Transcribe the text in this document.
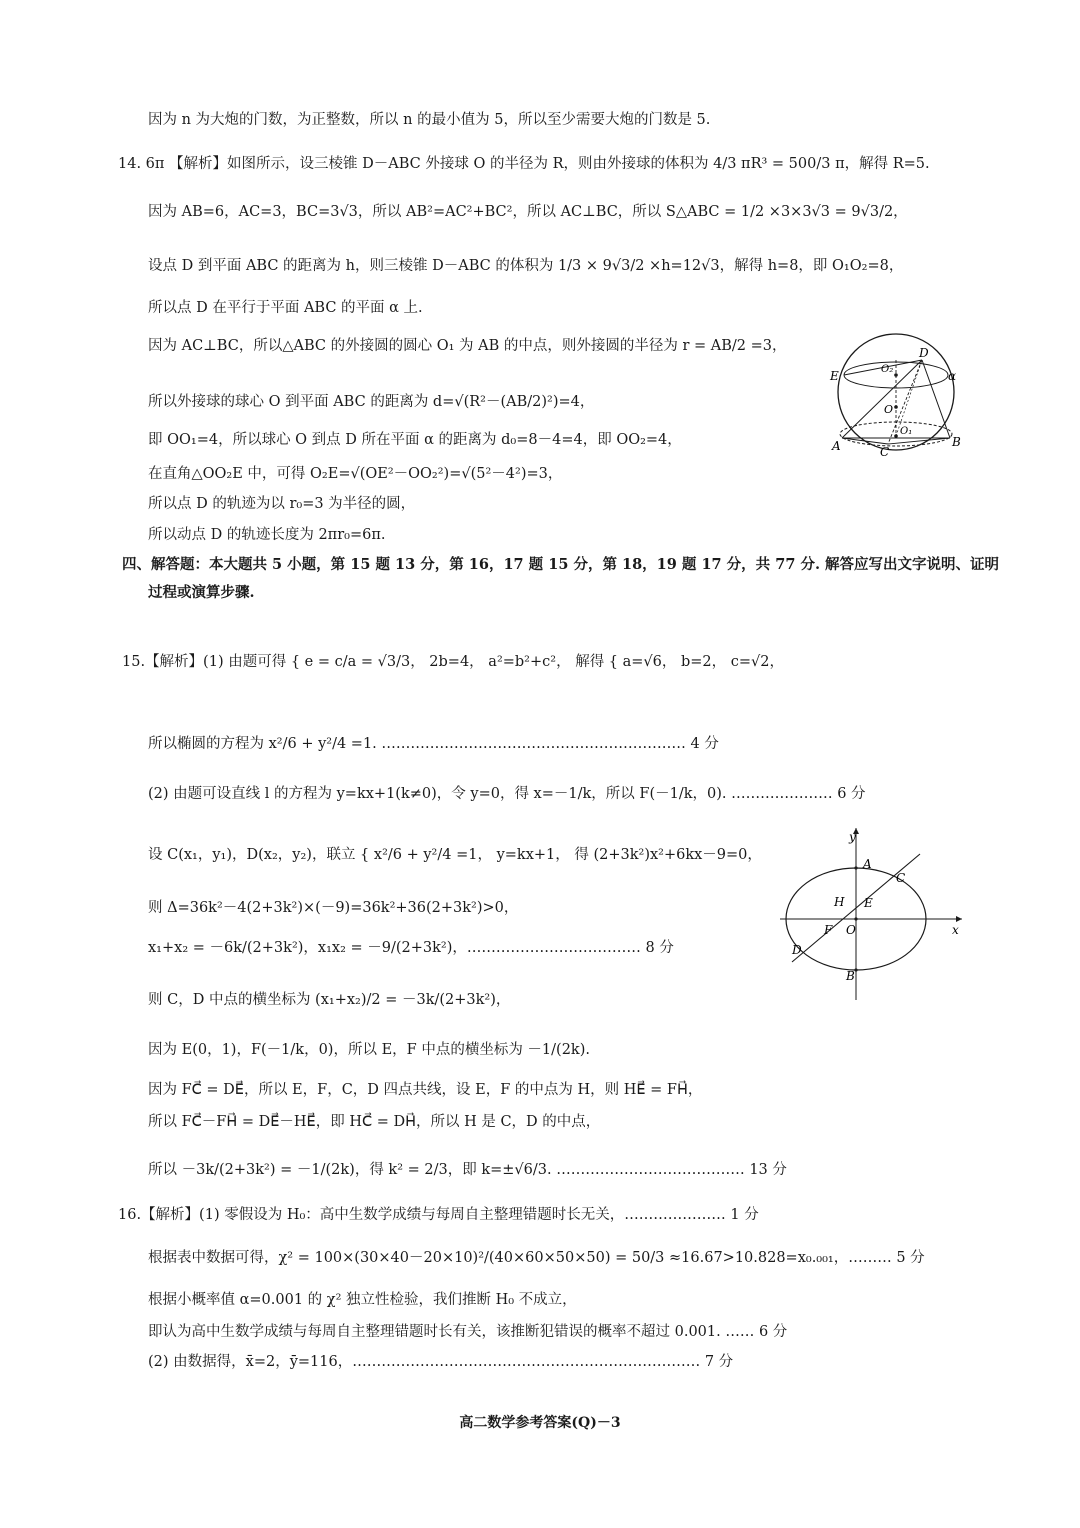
因为 n 为大炮的门数，为正整数，所以 n 的最小值为 5，所以至少需要大炮的门数是 5.
14. 6π 【解析】如图所示，设三棱锥 D－ABC 外接球 O 的半径为 R，则由外接球的体积为 4/3 πR³ = 500/3 π，解得 R=5.
因为 AB=6，AC=3，BC=3√3，所以 AB²=AC²+BC²，所以 AC⊥BC，所以 S△ABC = 1/2 ×3×3√3 = 9√3/2，
设点 D 到平面 ABC 的距离为 h，则三棱锥 D－ABC 的体积为 1/3 × 9√3/2 ×h=12√3，解得 h=8，即 O₁O₂=8，
所以点 D 在平行于平面 ABC 的平面 α 上.
因为 AC⊥BC，所以△ABC 的外接圆的圆心 O₁ 为 AB 的中点，则外接圆的半径为 r = AB/2 =3，
所以外接球的球心 O 到平面 ABC 的距离为 d=√(R²－(AB/2)²)=4，
即 OO₁=4，所以球心 O 到点 D 所在平面 α 的距离为 d₀=8－4=4，即 OO₂=4，
在直角△OO₂E 中，可得 O₂E=√(OE²－OO₂²)=√(5²－4²)=3，
所以点 D 的轨迹为以 r₀=3 为半径的圆，
所以动点 D 的轨迹长度为 2πr₀=6π.
四、解答题：本大题共 5 小题，第 15 题 13 分，第 16，17 题 15 分，第 18，19 题 17 分，共 77 分. 解答应写出文字说明、证明
过程或演算步骤.
15.【解析】(1) 由题可得 { e = c/a = √3/3， 2b=4， a²=b²+c²， 解得 { a=√6， b=2， c=√2，
所以椭圆的方程为 x²/6 + y²/4 =1. ……………………………………………………… 4 分
(2) 由题可设直线 l 的方程为 y=kx+1(k≠0)，令 y=0，得 x=－1/k，所以 F(－1/k，0). ………………… 6 分
设 C(x₁，y₁)，D(x₂，y₂)，联立 { x²/6 + y²/4 =1， y=kx+1， 得 (2+3k²)x²+6kx－9=0，
则 Δ=36k²－4(2+3k²)×(－9)=36k²+36(2+3k²)>0，
x₁+x₂ = －6k/(2+3k²)，x₁x₂ = －9/(2+3k²)，……………………………… 8 分
则 C，D 中点的横坐标为 (x₁+x₂)/2 = －3k/(2+3k²)，
因为 E(0，1)，F(－1/k，0)，所以 E，F 中点的横坐标为 －1/(2k).
因为 FC⃗ = DE⃗，所以 E，F，C，D 四点共线，设 E，F 的中点为 H，则 HE⃗ = FH⃗，
所以 FC⃗－FH⃗ = DE⃗－HE⃗，即 HC⃗ = DH⃗，所以 H 是 C，D 的中点，
所以 －3k/(2+3k²) = －1/(2k)，得 k² = 2/3，即 k=±√6/3. ………………………………… 13 分
16.【解析】(1) 零假设为 H₀：高中生数学成绩与每周自主整理错题时长无关，………………… 1 分
根据表中数据可得，χ² = 100×(30×40－20×10)²/(40×60×50×50) = 50/3 ≈16.67>10.828=x₀.₀₀₁，……… 5 分
根据小概率值 α=0.001 的 χ² 独立性检验，我们推断 H₀ 不成立，
即认为高中生数学成绩与每周自主整理错题时长有关，该推断犯错误的概率不超过 0.001. …… 6 分
(2) 由数据得，x̄=2，ȳ=116，……………………………………………………………… 7 分
D
E	α
O₂
O
O₁
A	B
C
y
x
A
B
C
D
E
F
H
O
高二数学参考答案(Q)－3
